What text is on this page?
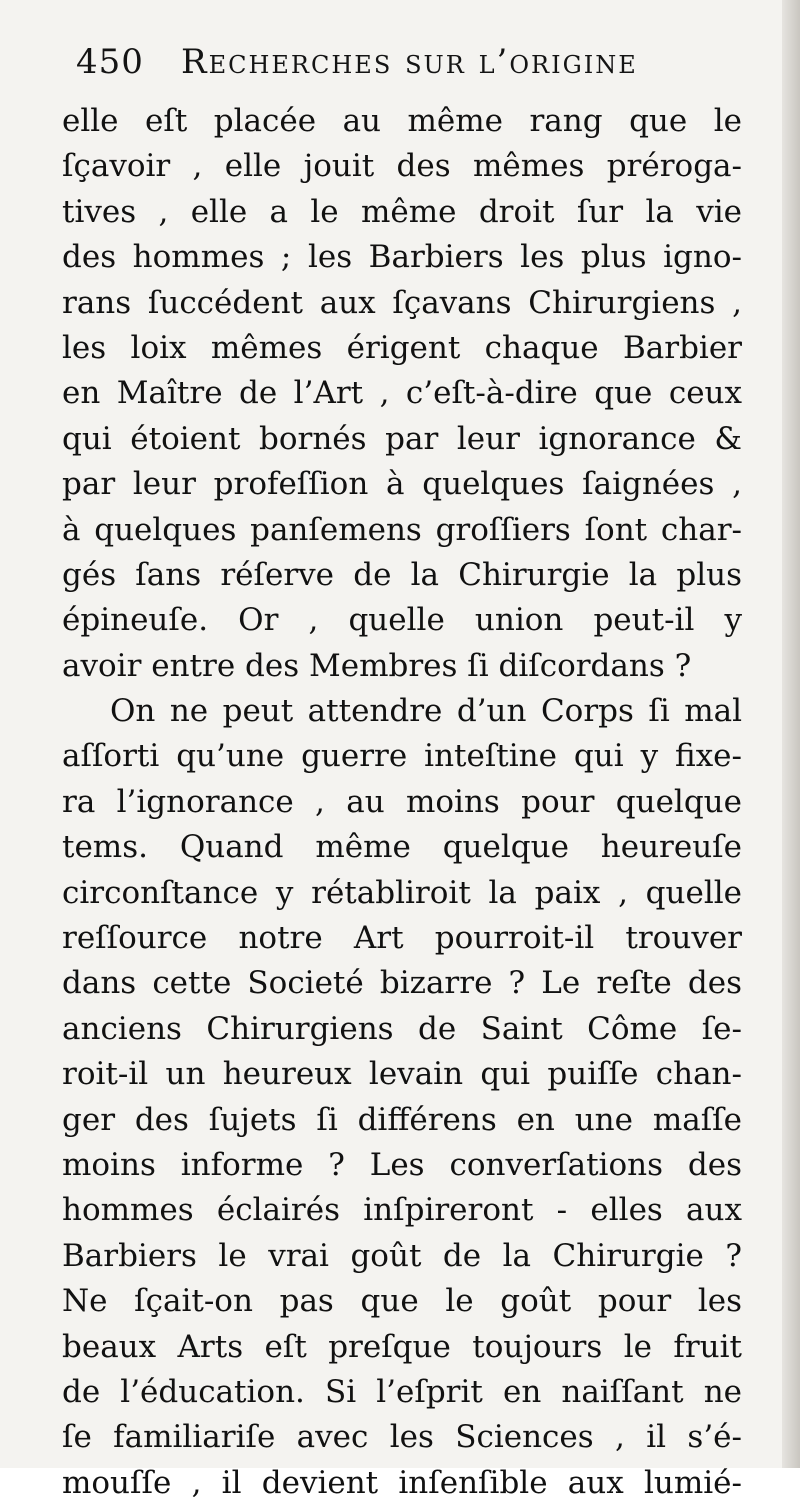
450 Recherches sur l’origine
elle eſt placée au même rang que le
ſçavoir , elle jouit des mêmes préroga-
tives , elle a le même droit ſur la vie
des hommes ; les Barbiers les plus igno-
rans ſuccédent aux ſçavans Chirurgiens ,
les loix mêmes érigent chaque Barbier
en Maître de l’Art , c’eſt-à-dire que ceux
qui étoient bornés par leur ignorance &
par leur profeſſion à quelques ſaignées ,
à quelques panſemens groſſiers ſont char-
gés ſans réſerve de la Chirurgie la plus
épineuſe. Or , quelle union peut-il y
avoir entre des Membres ſi diſcordans ?
On ne peut attendre d’un Corps ſi mal
aſſorti qu’une guerre inteſtine qui y fixe-
ra l’ignorance , au moins pour quelque
tems. Quand même quelque heureuſe
circonſtance y rétabliroit la paix , quelle
reſſource notre Art pourroit-il trouver
dans cette Societé bizarre ? Le reſte des
anciens Chirurgiens de Saint Côme ſe-
roit-il un heureux levain qui puiſſe chan-
ger des ſujets ſi différens en une maſſe
moins informe ? Les converſations des
hommes éclairés inſpireront - elles aux
Barbiers le vrai goût de la Chirurgie ?
Ne ſçait-on pas que le goût pour les
beaux Arts eſt preſque toujours le fruit
de l’éducation. Si l’eſprit en naiſſant ne
ſe familiariſe avec les Sciences , il s’é-
mouſſe , il devient inſenſible aux lumié-
